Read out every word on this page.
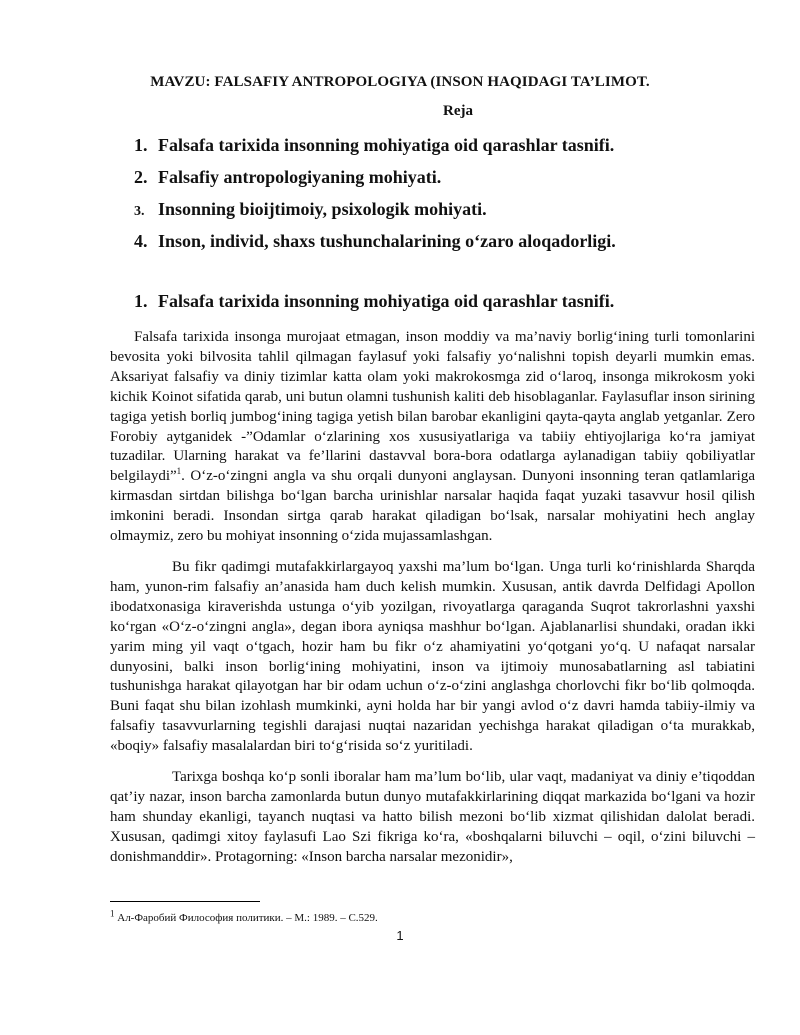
MAVZU: FALSAFIY ANTROPOLOGIYA (INSON HAQIDAGI TA’LIMOT.
Reja
1. Falsafa tarixida insonning mohiyatiga oid qarashlar tasnifi.
2. Falsafiy antropologiyaning mohiyati.
3. Insonning bioijtimoiy, psixologik mohiyati.
4. Inson, individ, shaxs tushunchalarining o‘zaro aloqadorligi.
1. Falsafa tarixida insonning mohiyatiga oid qarashlar tasnifi.

Falsafa tarixida insonga murojaat etmagan, inson moddiy va ma’naviy borlig‘ining turli tomonlarini bevosita yoki bilvosita tahlil qilmagan faylasuf yoki falsafiy yo‘nalishni topish deyarli mumkin emas. Aksariyat falsafiy va diniy tizimlar katta olam yoki makrokosmga zid o‘laroq, insonga mikrokosm yoki kichik Koinot sifatida qarab, uni butun olamni tushunish kaliti deb hisoblaganlar. Faylasuflar inson sirining tagiga yetish borliq jumbog‘ining tagiga yetish bilan barobar ekanligini qayta-qayta anglab yetganlar. Zero Forobiy aytganidek -”Odamlar o‘zlarining xos xususiyatlariga va tabiiy ehtiyojlariga ko‘ra jamiyat tuzadilar. Ularning harakat va fe’llarini dastavval bora-bora odatlarga aylanadigan tabiiy qobiliyatlar belgilaydi”$^1$. O‘z-o‘zingni angla va shu orqali dunyoni anglaysan. Dunyoni insonning teran qatlamlariga kirmasdan sirtdan bilishga bo‘lgan barcha urinishlar narsalar haqida faqat yuzaki tasavvur hosil qilish imkonini beradi. Insondan sirtga qarab harakat qiladigan bo‘lsak, narsalar mohiyatini hech anglay olmaymiz, zero bu mohiyat insonning o‘zida mujassamlashgan.

Bu fikr qadimgi mutafakkirlargayoq yaxshi ma’lum bo‘lgan. Unga turli ko‘rinishlarda Sharqda ham, yunon-rim falsafiy an’anasida ham duch kelish mumkin. Xususan, antik davrda Delfidagi Apollon ibodatxonasiga kiraverishda ustunga o‘yib yozilgan, rivoyatlarga qaraganda Suqrot takrorlashni yaxshi ko‘rgan «O‘z-o‘zingni angla», degan ibora ayniqsa mashhur bo‘lgan. Ajablanarlisi shundaki, oradan ikki yarim ming yil vaqt o‘tgach, hozir ham bu fikr o‘z ahamiyatini yo‘qotgani yo‘q. U nafaqat narsalar dunyosini, balki inson borlig‘ining mohiyatini, inson va ijtimoiy munosabatlarning asl tabiatini tushunishga harakat qilayotgan har bir odam uchun o‘z-o‘zini anglashga chorlovchi fikr bo‘lib qolmoqda. Buni faqat shu bilan izohlash mumkinki, ayni holda har bir yangi avlod o‘z davri hamda tabiiy-ilmiy va falsafiy tasavvurlarning tegishli darajasi nuqtai nazaridan yechishga harakat qiladigan o‘ta murakkab, «boqiy» falsafiy masalalardan biri to‘g‘risida so‘z yuritiladi.

Tarixga boshqa ko‘p sonli iboralar ham ma’lum bo‘lib, ular vaqt, madaniyat va diniy e’tiqoddan qat’iy nazar, inson barcha zamonlarda butun dunyo mutafakkirlarining diqqat markazida bo‘lgani va hozir ham shunday ekanligi, tayanch nuqtasi va hatto bilish mezoni bo‘lib xizmat qilishidan dalolat beradi. Xususan, qadimgi xitoy faylasufi Lao Szi fikriga ko‘ra, «boshqalarni biluvchi – oqil, o‘zini biluvchi – donishmanddir». Protagorning: «Inson barcha narsalar mezonidir»,

$^1$ Ал-Фаробий Философия политики. – М.: 1989. – С.529.
1
